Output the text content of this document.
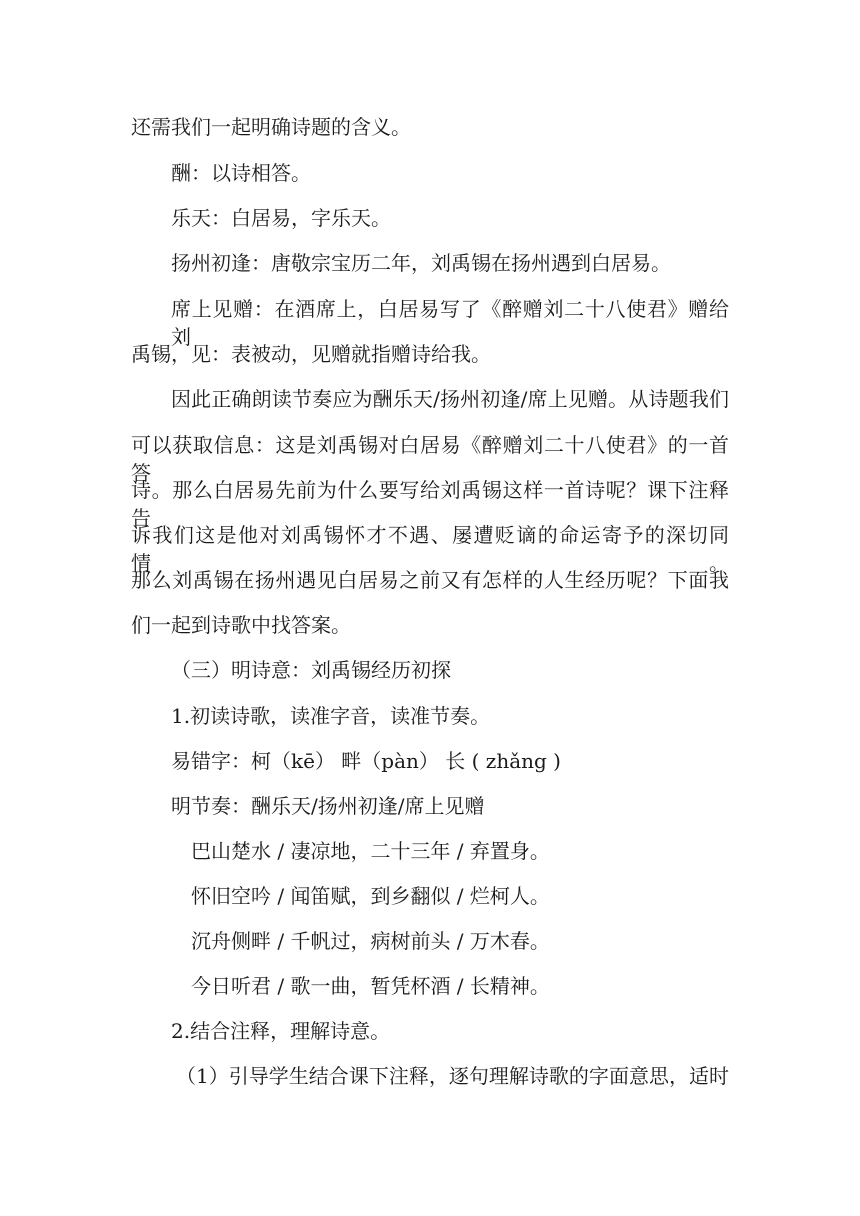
还需我们一起明确诗题的含义。
酬：以诗相答。
乐天：白居易，字乐天。
扬州初逢：唐敬宗宝历二年，刘禹锡在扬州遇到白居易。
席上见赠：在酒席上，白居易写了《醉赠刘二十八使君》赠给刘
禹锡，见：表被动，见赠就指赠诗给我。
因此正确朗读节奏应为酬乐天/扬州初逢/席上见赠。从诗题我们
可以获取信息：这是刘禹锡对白居易《醉赠刘二十八使君》的一首答
诗。那么白居易先前为什么要写给刘禹锡这样一首诗呢？课下注释告
诉我们这是他对刘禹锡怀才不遇、屡遭贬谪的命运寄予的深切同情。
那么刘禹锡在扬州遇见白居易之前又有怎样的人生经历呢？下面我
们一起到诗歌中找答案。
（三）明诗意：刘禹锡经历初探
1.初读诗歌，读准字音，读准节奏。
易错字：柯（kē） 畔（pàn） 长 ( zhǎng )
明节奏：酬乐天/扬州初逢/席上见赠
巴山楚水 / 凄凉地，二十三年 / 弃置身。
怀旧空吟 / 闻笛赋，到乡翻似 / 烂柯人。
沉舟侧畔 / 千帆过，病树前头 / 万木春。
今日听君 / 歌一曲，暂凭杯酒 / 长精神。
2.结合注释，理解诗意。
（1）引导学生结合课下注释，逐句理解诗歌的字面意思，适时
